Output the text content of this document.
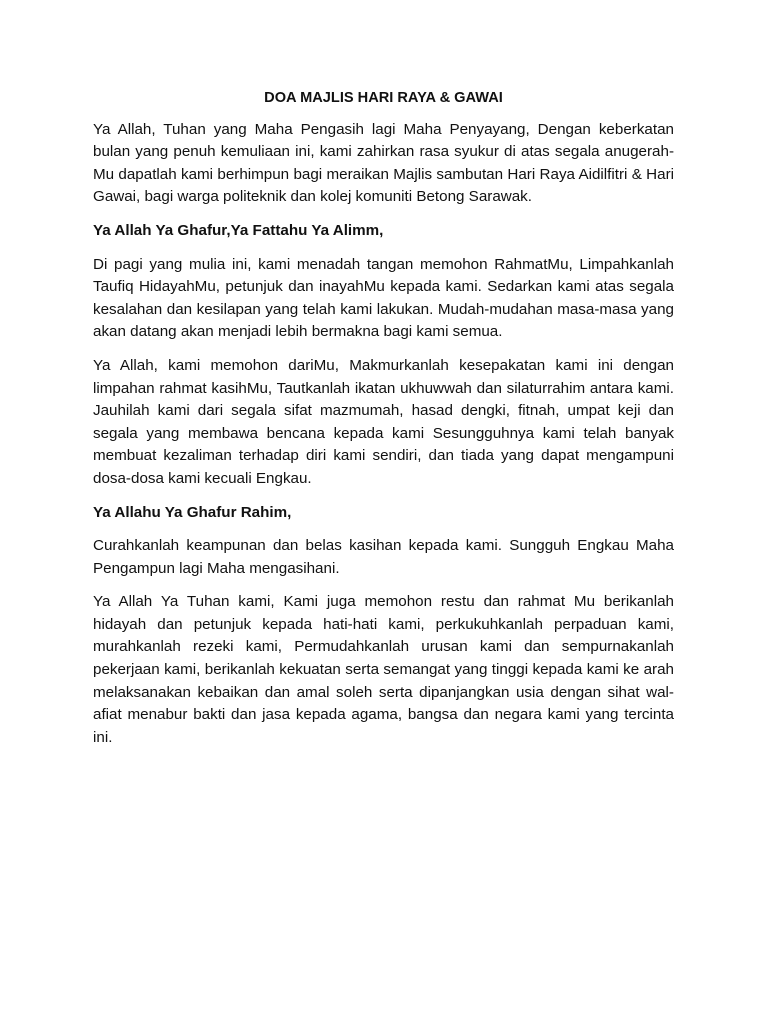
DOA MAJLIS HARI RAYA & GAWAI

Ya Allah, Tuhan yang Maha Pengasih lagi Maha Penyayang, Dengan keberkatan bulan yang penuh kemuliaan ini, kami zahirkan rasa syukur di atas segala anugerah-Mu dapatlah kami berhimpun bagi meraikan Majlis sambutan Hari Raya Aidilfitri & Hari Gawai, bagi warga politeknik dan kolej komuniti Betong Sarawak.

Ya Allah Ya Ghafur,Ya Fattahu Ya Alimm,

Di pagi yang mulia ini, kami menadah tangan memohon RahmatMu, Limpahkanlah Taufiq HidayahMu, petunjuk dan inayahMu kepada kami. Sedarkan kami atas segala kesalahan dan kesilapan yang telah kami lakukan. Mudah-mudahan masa-masa yang akan datang akan menjadi lebih bermakna bagi kami semua.

Ya Allah, kami memohon dariMu, Makmurkanlah kesepakatan kami ini dengan limpahan rahmat kasihMu, Tautkanlah ikatan ukhuwwah dan silaturrahim antara kami. Jauhilah kami dari segala sifat mazmumah, hasad dengki, fitnah, umpat keji dan segala yang membawa bencana kepada kami Sesungguhnya kami telah banyak membuat kezaliman terhadap diri kami sendiri, dan tiada yang dapat mengampuni dosa-dosa kami kecuali Engkau.

Ya Allahu Ya Ghafur Rahim,

Curahkanlah keampunan dan belas kasihan kepada kami. Sungguh Engkau Maha Pengampun lagi Maha mengasihani.

Ya Allah Ya Tuhan kami, Kami juga memohon restu dan rahmat Mu berikanlah hidayah dan petunjuk kepada hati-hati kami, perkukuhkanlah perpaduan kami, murahkanlah rezeki kami, Permudahkanlah urusan kami dan sempurnakanlah pekerjaan kami, berikanlah kekuatan serta semangat yang tinggi kepada kami ke arah melaksanakan kebaikan dan amal soleh serta dipanjangkan usia dengan sihat wal-afiat menabur bakti dan jasa kepada agama, bangsa dan negara kami yang tercinta ini.
